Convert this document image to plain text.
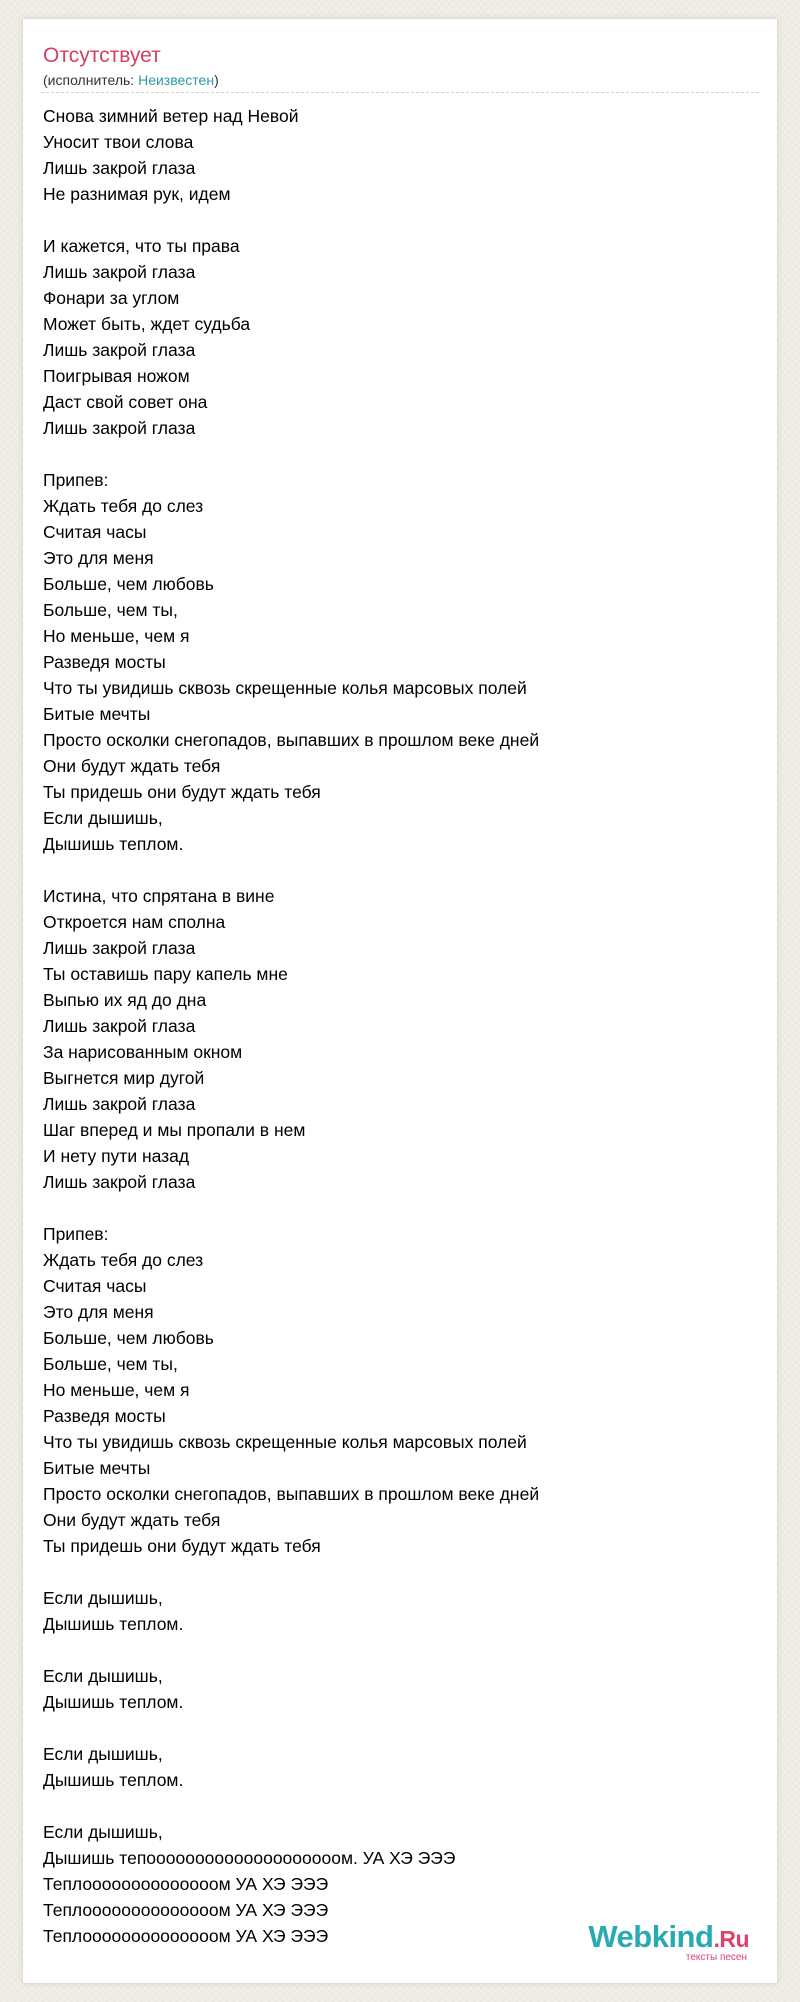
Отсутствует
(исполнитель: Неизвестен)
Снова зимний ветер над Невой
Уносит твои слова
Лишь закрой глаза
Не разнимая рук, идем
И кажется, что ты права
Лишь закрой глаза
Фонари за углом
Может быть, ждет судьба
Лишь закрой глаза
Поигрывая ножом
Даст свой совет она
Лишь закрой глаза
Припев:
Ждать тебя до слез
Считая часы
Это для меня
Больше, чем любовь
Больше, чем ты,
Но меньше, чем я
Разведя мосты
Что ты увидишь сквозь скрещенные колья марсовых полей
Битые мечты
Просто осколки снегопадов, выпавших в прошлом веке дней
Они будут ждать тебя
Ты придешь они будут ждать тебя
Если дышишь,
Дышишь теплом.
Истина, что спрятана в вине
Откроется нам сполна
Лишь закрой глаза
Ты оставишь пару капель мне
Выпью их яд до дна
Лишь закрой глаза
За нарисованным окном
Выгнется мир дугой
Лишь закрой глаза
Шаг вперед и мы пропали в нем
И нету пути назад
Лишь закрой глаза
Припев:
Ждать тебя до слез
Считая часы
Это для меня
Больше, чем любовь
Больше, чем ты,
Но меньше, чем я
Разведя мосты
Что ты увидишь сквозь скрещенные колья марсовых полей
Битые мечты
Просто осколки снегопадов, выпавших в прошлом веке дней
Они будут ждать тебя
Ты придешь они будут ждать тебя
Если дышишь,
Дышишь теплом.
Если дышишь,
Дышишь теплом.
Если дышишь,
Дышишь теплом.
Если дышишь,
Дышишь тепоооооооооооооооооооом. УА ХЭ ЭЭЭ
Теплоооооооооооооом УА ХЭ ЭЭЭ
Теплоооооооооооооом УА ХЭ ЭЭЭ
Теплоооооооооооооом УА ХЭ ЭЭЭ	Webkind.Ru
тексты песен
